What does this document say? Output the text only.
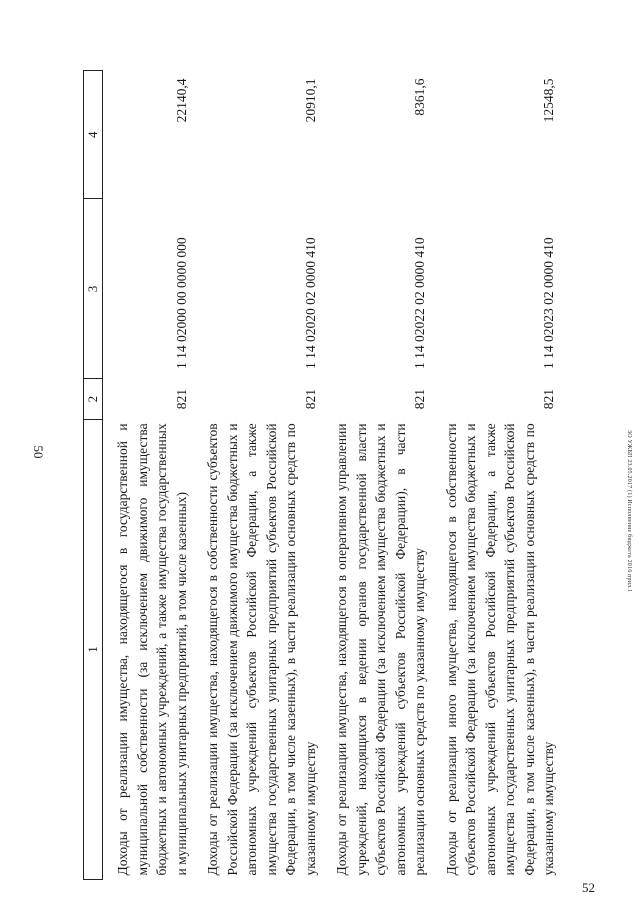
50
52
ЗО УЖБП 23.05.2017 (1) Исполнение бюджета 2016 прил.1
1	2	3	4
Доходы от реализации имущества, находящегося в государственной и муниципальной собственности (за исключением движимого имущества бюджетных и автономных учреждений, а также имущества государственных и муниципальных унитарных предприятий, в том числе казенных)	821	1 14 02000 00 0000 000	22140,4
Доходы от реализации имущества, находящегося в собственности субъектов Российской Федерации (за исключением движимого имущества бюджетных и автономных учреждений субъектов Российской Федерации, а также имущества государственных унитарных предприятий субъектов Российской Федерации, в том числе казенных), в части реализации основных средств по указанному имуществу	821	1 14 02020 02 0000 410	20910,1
Доходы от реализации имущества, находящегося в оперативном управлении учреждений, находящихся в ведении органов государственной власти субъектов Российской Федерации (за исключением имущества бюджетных и автономных учреждений субъектов Российской Федерации), в части реализации основных средств по указанному имуществу	821	1 14 02022 02 0000 410	8361,6
Доходы от реализации иного имущества, находящегося в собственности субъектов Российской Федерации (за исключением имущества бюджетных и автономных учреждений субъектов Российской Федерации, а также имущества государственных унитарных предприятий субъектов Российской Федерации, в том числе казенных), в части реализации основных средств по указанному имуществу	821	1 14 02023 02 0000 410	12548,5
